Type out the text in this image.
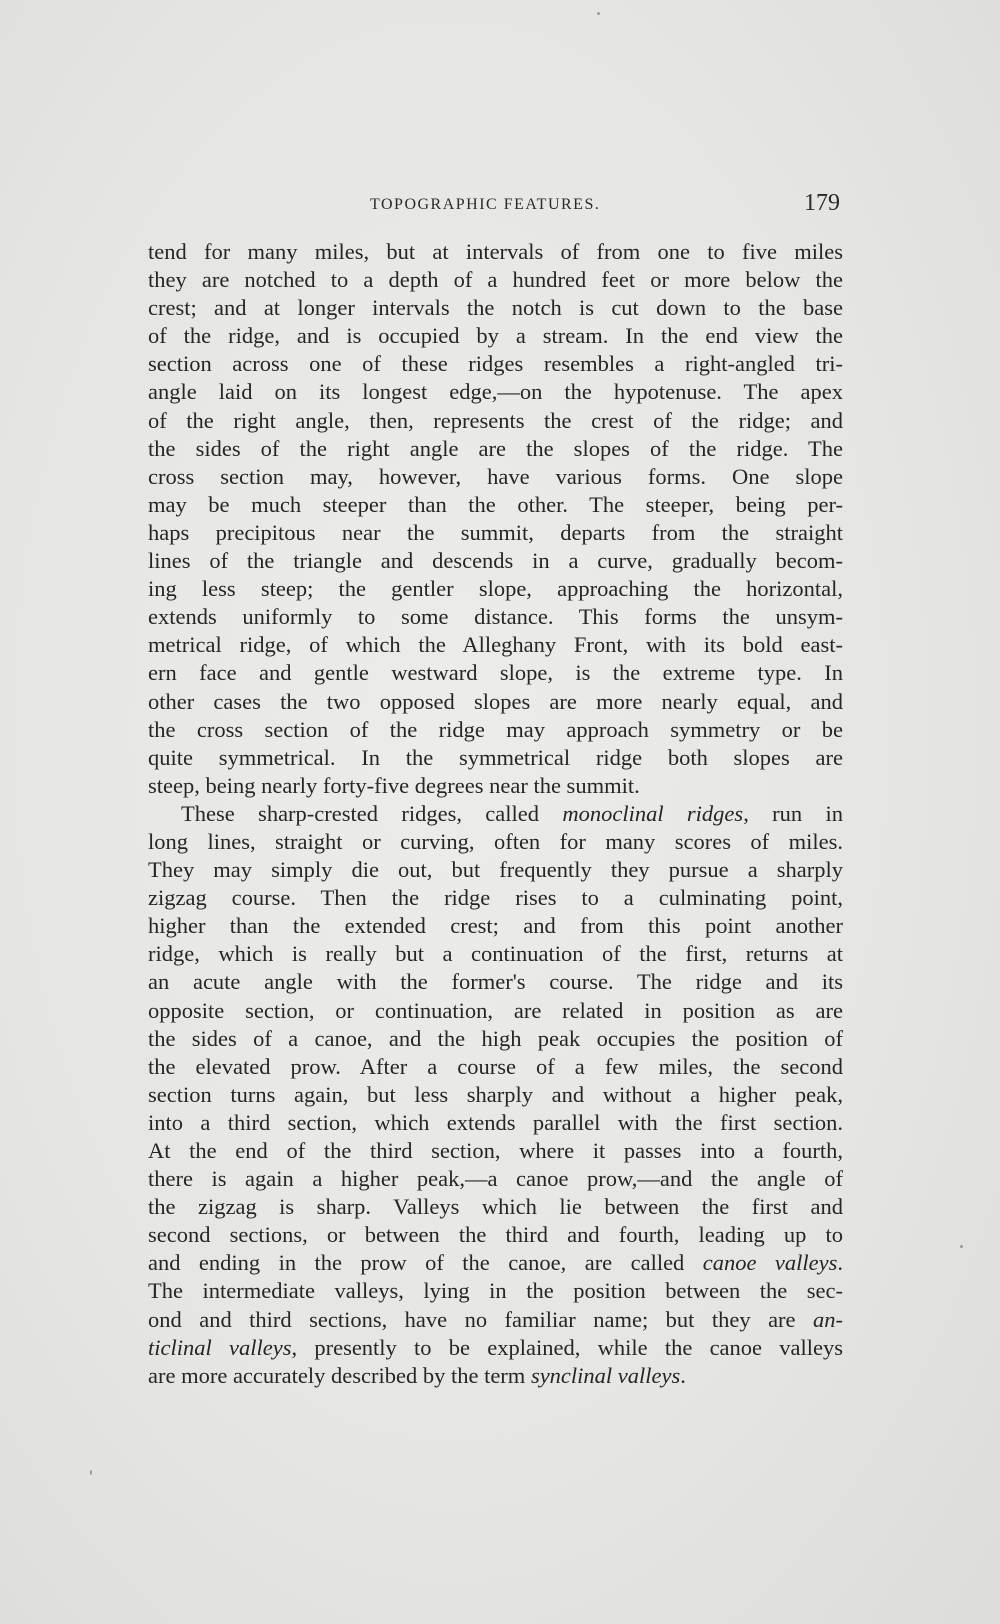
TOPOGRAPHIC FEATURES.	179
tend for many miles, but at intervals of from one to five miles
they are notched to a depth of a hundred feet or more below the
crest; and at longer intervals the notch is cut down to the base
of the ridge, and is occupied by a stream. In the end view the
section across one of these ridges resembles a right-angled tri-
angle laid on its longest edge,—on the hypotenuse. The apex
of the right angle, then, represents the crest of the ridge; and
the sides of the right angle are the slopes of the ridge. The
cross section may, however, have various forms. One slope
may be much steeper than the other. The steeper, being per-
haps precipitous near the summit, departs from the straight
lines of the triangle and descends in a curve, gradually becom-
ing less steep; the gentler slope, approaching the horizontal,
extends uniformly to some distance. This forms the unsym-
metrical ridge, of which the Alleghany Front, with its bold east-
ern face and gentle westward slope, is the extreme type. In
other cases the two opposed slopes are more nearly equal, and
the cross section of the ridge may approach symmetry or be
quite symmetrical. In the symmetrical ridge both slopes are
steep, being nearly forty-five degrees near the summit.
These sharp-crested ridges, called monoclinal ridges, run in
long lines, straight or curving, often for many scores of miles.
They may simply die out, but frequently they pursue a sharply
zigzag course. Then the ridge rises to a culminating point,
higher than the extended crest; and from this point another
ridge, which is really but a continuation of the first, returns at
an acute angle with the former's course. The ridge and its
opposite section, or continuation, are related in position as are
the sides of a canoe, and the high peak occupies the position of
the elevated prow. After a course of a few miles, the second
section turns again, but less sharply and without a higher peak,
into a third section, which extends parallel with the first section.
At the end of the third section, where it passes into a fourth,
there is again a higher peak,—a canoe prow,—and the angle of
the zigzag is sharp. Valleys which lie between the first and
second sections, or between the third and fourth, leading up to
and ending in the prow of the canoe, are called canoe valleys.
The intermediate valleys, lying in the position between the sec-
ond and third sections, have no familiar name; but they are an-
ticlinal valleys, presently to be explained, while the canoe valleys
are more accurately described by the term synclinal valleys.
